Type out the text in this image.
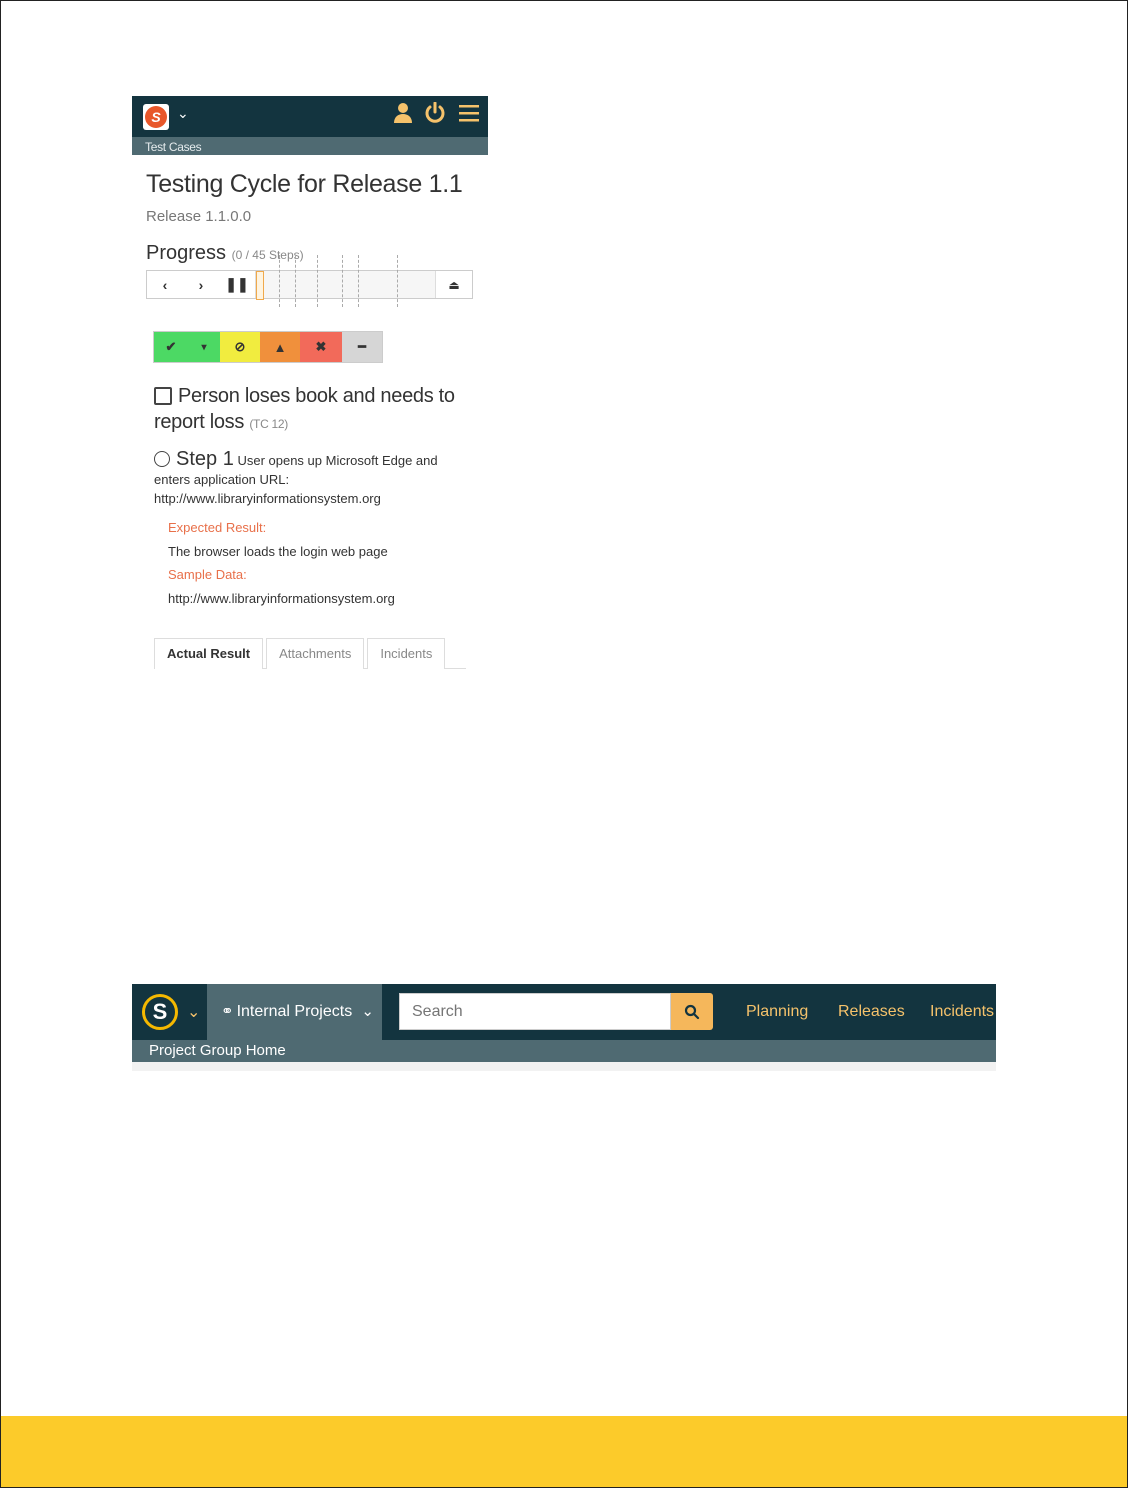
S	⌄
Test Cases
Testing Cycle for Release 1.1
Release 1.1.0.0
Progress (0 / 45 Steps)
‹	›	❚❚	⏏
✔	▾	⊘	▲	✖	━
Person loses book and needs to report loss (TC 12)
Step 1 User opens up Microsoft Edge and enters application URL: http://www.libraryinformationsystem.org
Expected Result:
The browser loads the login web page
Sample Data:
http://www.libraryinformationsystem.org
Actual Result	Attachments	Incidents
S	⌄	⚭ Internal Projects ⌄
Search	Planning Releases Incidents
Project Group Home
